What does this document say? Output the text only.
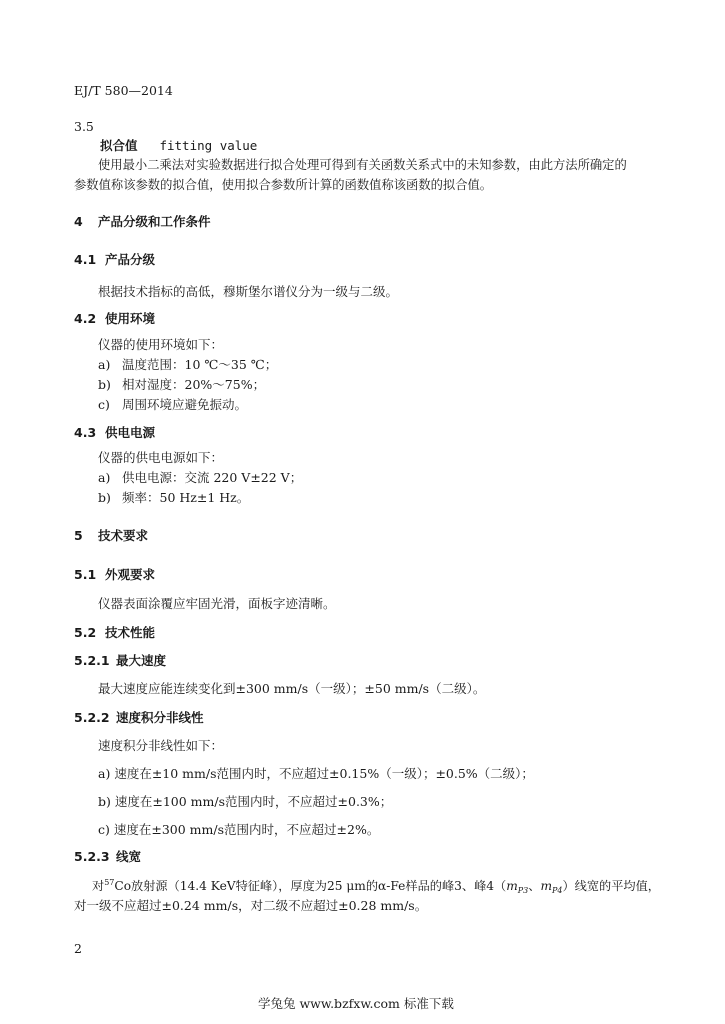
EJ/T 580—2014
3.5
拟合值 fitting value
使用最小二乘法对实验数据进行拟合处理可得到有关函数关系式中的未知参数，由此方法所确定的
参数值称该参数的拟合值，使用拟合参数所计算的函数值称该函数的拟合值。
4 产品分级和工作条件
4.1 产品分级
根据技术指标的高低，穆斯堡尔谱仪分为一级与二级。
4.2 使用环境
仪器的使用环境如下：
a) 温度范围：10 ℃～35 ℃；
b) 相对湿度：20%～75%；
c) 周围环境应避免振动。
4.3 供电电源
仪器的供电电源如下：
a) 供电电源：交流 220 V±22 V；
b) 频率：50 Hz±1 Hz。
5 技术要求
5.1 外观要求
仪器表面涂覆应牢固光滑，面板字迹清晰。
5.2 技术性能
5.2.1 最大速度
最大速度应能连续变化到±300 mm/s（一级）；±50 mm/s（二级）。
5.2.2 速度积分非线性
速度积分非线性如下：
a) 速度在±10 mm/s范围内时，不应超过±0.15%（一级）；±0.5%（二级）；
b) 速度在±100 mm/s范围内时，不应超过±0.3%；
c) 速度在±300 mm/s范围内时，不应超过±2%。
5.2.3 线宽
对$^{57}$Co放射源（14.4 KeV特征峰），厚度为25 μm的α-Fe样品的峰3、峰$4(m_{P3}$、$m_{P4}$）线宽的平均值，
对一级不应超过±0.24 mm/s，对二级不应超过±0.28 mm/s。
2
学兔兔 www.bzfxw.com 标准下载
